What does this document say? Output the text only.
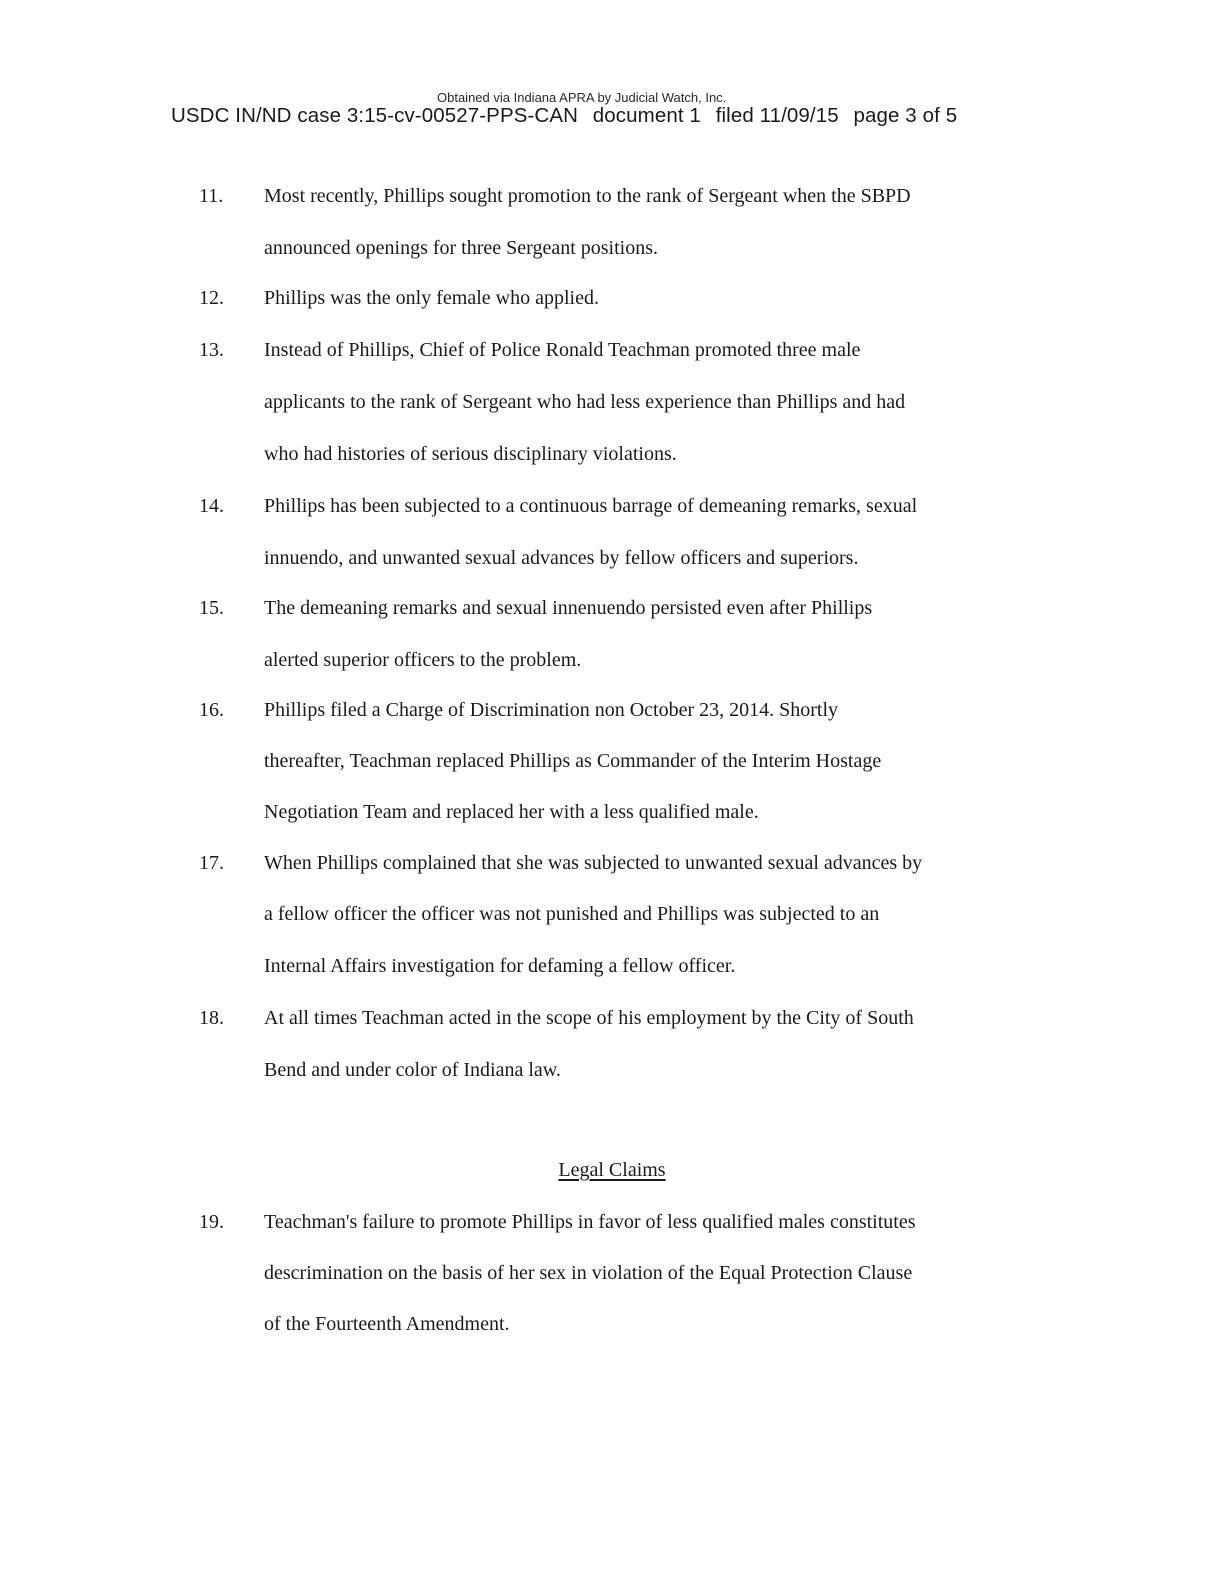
Obtained via Indiana APRA by Judicial Watch, Inc.
USDC IN/ND case 3:15-cv-00527-PPS-CAN document 1 filed 11/09/15 page 3 of 5
11. Most recently, Phillips sought promotion to the rank of Sergeant when the SBPD
announced openings for three Sergeant positions.
12. Phillips was the only female who applied.
13. Instead of Phillips, Chief of Police Ronald Teachman promoted three male
applicants to the rank of Sergeant who had less experience than Phillips and had
who had histories of serious disciplinary violations.
14. Phillips has been subjected to a continuous barrage of demeaning remarks, sexual
innuendo, and unwanted sexual advances by fellow officers and superiors.
15. The demeaning remarks and sexual innenuendo persisted even after Phillips
alerted superior officers to the problem.
16. Phillips filed a Charge of Discrimination non October 23, 2014. Shortly
thereafter, Teachman replaced Phillips as Commander of the Interim Hostage
Negotiation Team and replaced her with a less qualified male.
17. When Phillips complained that she was subjected to unwanted sexual advances by
a fellow officer the officer was not punished and Phillips was subjected to an
Internal Affairs investigation for defaming a fellow officer.
18. At all times Teachman acted in the scope of his employment by the City of South
Bend and under color of Indiana law.
Legal Claims
19. Teachman's failure to promote Phillips in favor of less qualified males constitutes
descrimination on the basis of her sex in violation of the Equal Protection Clause
of the Fourteenth Amendment.
